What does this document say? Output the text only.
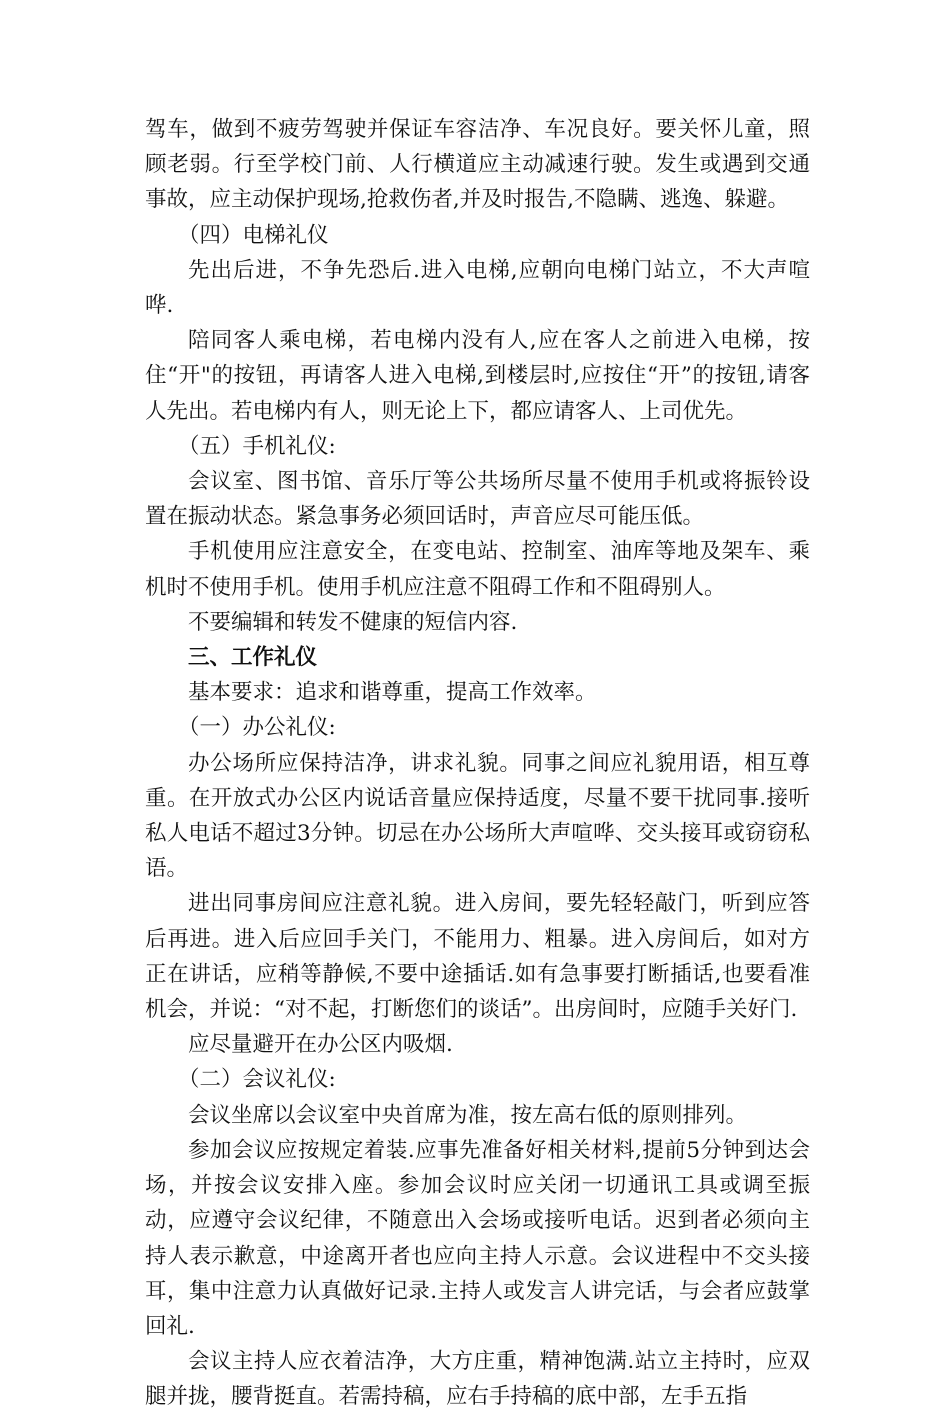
驾车，做到不疲劳驾驶并保证车容洁净、车况良好。要关怀儿童，照顾老弱。行至学校门前、人行横道应主动减速行驶。发生或遇到交通事故，应主动保护现场,抢救伤者,并及时报告,不隐瞒、逃逸、躲避。

（四）电梯礼仪

先出后进，不争先恐后.进入电梯,应朝向电梯门站立，不大声喧哗.

陪同客人乘电梯，若电梯内没有人,应在客人之前进入电梯，按住“开"的按钮，再请客人进入电梯,到楼层时,应按住“开”的按钮,请客人先出。若电梯内有人，则无论上下，都应请客人、上司优先。

（五）手机礼仪:

会议室、图书馆、音乐厅等公共场所尽量不使用手机或将振铃设置在振动状态。紧急事务必须回话时，声音应尽可能压低。

手机使用应注意安全，在变电站、控制室、油库等地及架车、乘机时不使用手机。使用手机应注意不阻碍工作和不阻碍别人。

不要编辑和转发不健康的短信内容.

三、工作礼仪

基本要求：追求和谐尊重，提高工作效率。

（一）办公礼仪:

办公场所应保持洁净，讲求礼貌。同事之间应礼貌用语，相互尊重。在开放式办公区内说话音量应保持适度，尽量不要干扰同事.接听私人电话不超过3分钟。切忌在办公场所大声喧哗、交头接耳或窃窃私语。

进出同事房间应注意礼貌。进入房间，要先轻轻敲门，听到应答后再进。进入后应回手关门，不能用力、粗暴。进入房间后，如对方正在讲话，应稍等静候,不要中途插话.如有急事要打断插话,也要看准机会，并说：“对不起，打断您们的谈话”。出房间时，应随手关好门.

应尽量避开在办公区内吸烟.

（二）会议礼仪:

会议坐席以会议室中央首席为准，按左高右低的原则排列。

参加会议应按规定着装.应事先准备好相关材料,提前5分钟到达会场，并按会议安排入座。参加会议时应关闭一切通讯工具或调至振动，应遵守会议纪律，不随意出入会场或接听电话。迟到者必须向主持人表示歉意，中途离开者也应向主持人示意。会议进程中不交头接耳，集中注意力认真做好记录.主持人或发言人讲完话，与会者应鼓掌回礼.

会议主持人应衣着洁净，大方庄重，精神饱满.站立主持时，应双腿并拢，腰背挺直。若需持稿，应右手持稿的底中部，左手五指
